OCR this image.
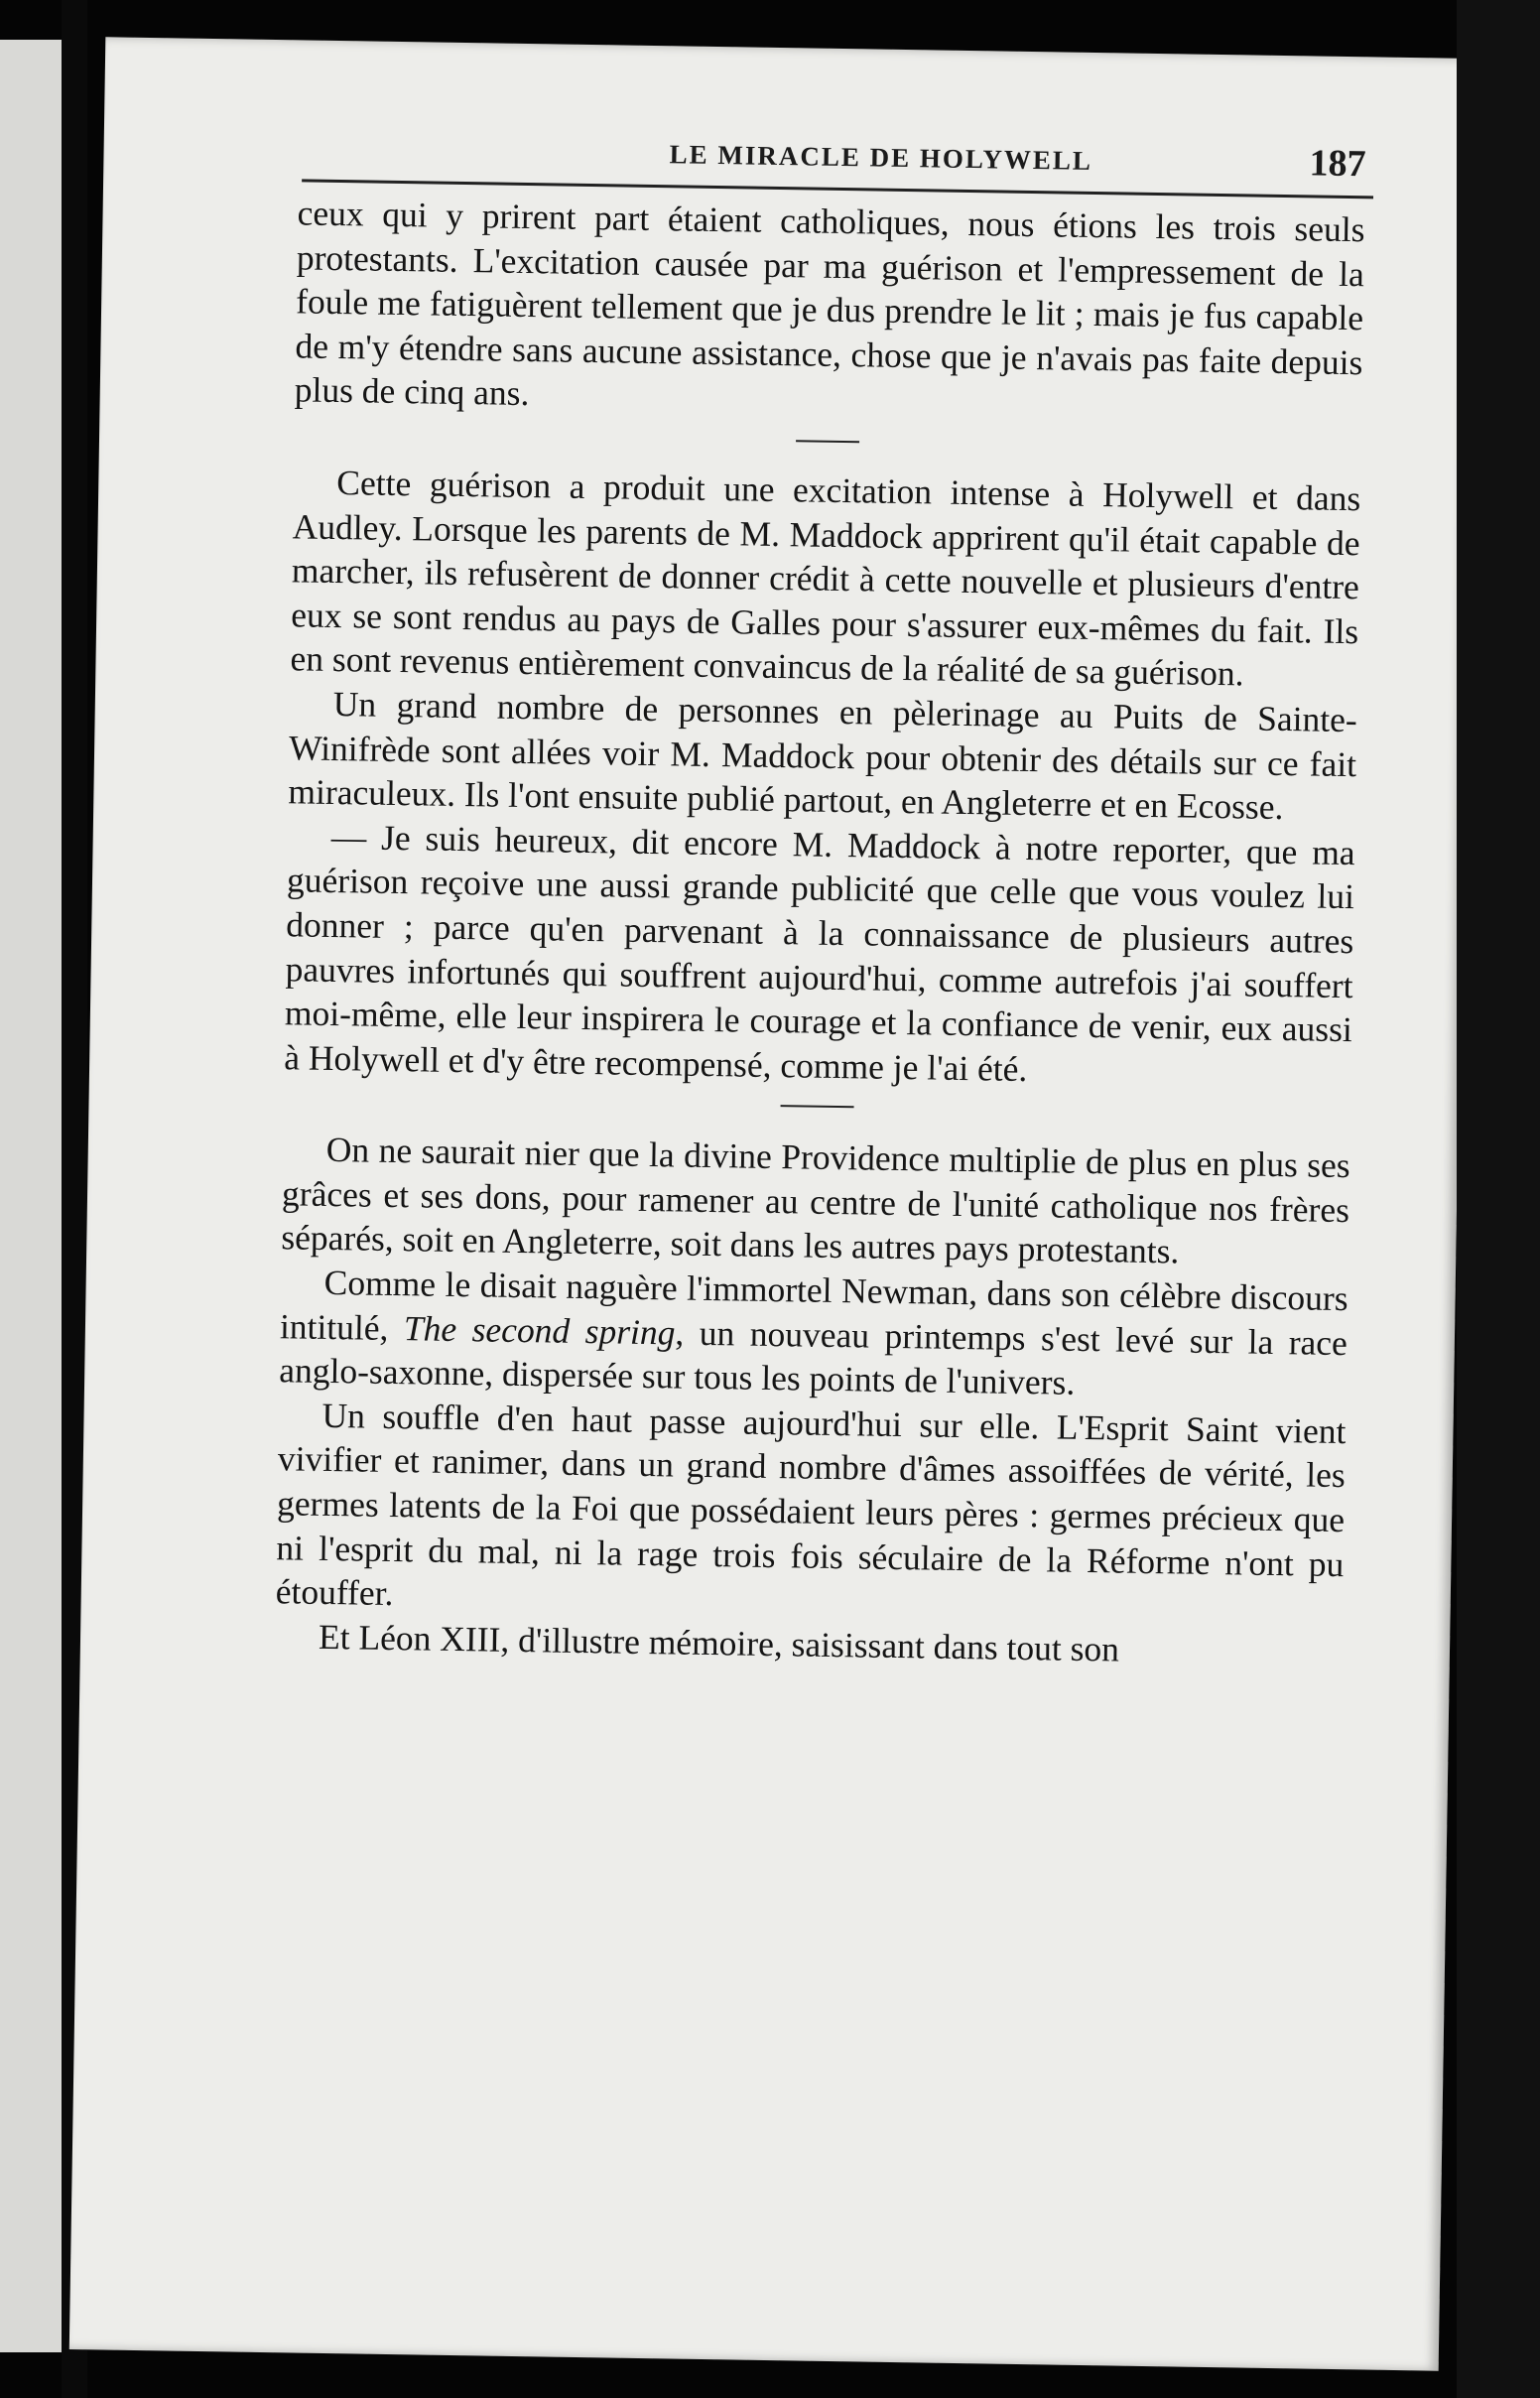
LE MIRACLE DE HOLYWELL	187

ceux qui y prirent part étaient catholiques, nous étions les trois seuls protestants. L'excitation causée par ma guérison et l'empressement de la foule me fatiguèrent tellement que je dus prendre le lit ; mais je fus capable de m'y étendre sans aucune assistance, chose que je n'avais pas faite depuis plus de cinq ans.

Cette guérison a produit une excitation intense à Holywell et dans Audley. Lorsque les parents de M. Maddock apprirent qu'il était capable de marcher, ils refusèrent de donner crédit à cette nouvelle et plusieurs d'entre eux se sont rendus au pays de Galles pour s'assurer eux-mêmes du fait. Ils en sont revenus entièrement convaincus de la réalité de sa guérison.

Un grand nombre de personnes en pèlerinage au Puits de Sainte-Winifrède sont allées voir M. Maddock pour obtenir des détails sur ce fait miraculeux. Ils l'ont ensuite publié partout, en Angleterre et en Ecosse.

— Je suis heureux, dit encore M. Maddock à notre reporter, que ma guérison reçoive une aussi grande publicité que celle que vous voulez lui donner ; parce qu'en parvenant à la connaissance de plusieurs autres pauvres infortunés qui souffrent aujourd'hui, comme autrefois j'ai souffert moi-même, elle leur inspirera le courage et la confiance de venir, eux aussi à Holywell et d'y être recompensé, comme je l'ai été.

On ne saurait nier que la divine Providence multiplie de plus en plus ses grâces et ses dons, pour ramener au centre de l'unité catholique nos frères séparés, soit en Angleterre, soit dans les autres pays protestants.

Comme le disait naguère l'immortel Newman, dans son célèbre discours intitulé, The second spring, un nouveau printemps s'est levé sur la race anglo-saxonne, dispersée sur tous les points de l'univers.

Un souffle d'en haut passe aujourd'hui sur elle. L'Esprit Saint vient vivifier et ranimer, dans un grand nombre d'âmes assoiffées de vérité, les germes latents de la Foi que possédaient leurs pères : germes précieux que ni l'esprit du mal, ni la rage trois fois séculaire de la Réforme n'ont pu étouffer.

Et Léon XIII, d'illustre mémoire, saisissant dans tout son
